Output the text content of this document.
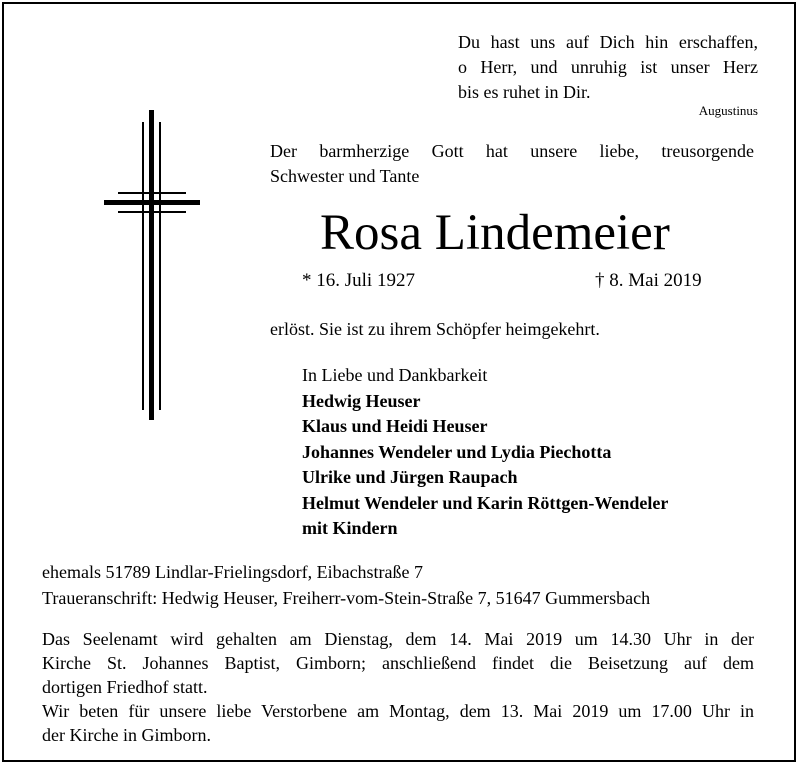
Du hast uns auf Dich hin erschaffen,
o Herr, und unruhig ist unser Herz
bis es ruhet in Dir.
Augustinus
Der barmherzige Gott hat unsere liebe, treusorgende
Schwester und Tante
Rosa Lindemeier
* 16. Juli 1927	† 8. Mai 2019
erlöst. Sie ist zu ihrem Schöpfer heimgekehrt.
In Liebe und Dankbarkeit
Hedwig Heuser
Klaus und Heidi Heuser
Johannes Wendeler und Lydia Piechotta
Ulrike und Jürgen Raupach
Helmut Wendeler und Karin Röttgen-Wendeler
mit Kindern
ehemals 51789 Lindlar-Frielingsdorf, Eibachstraße 7
Traueranschrift: Hedwig Heuser, Freiherr-vom-Stein-Straße 7, 51647 Gummersbach
Das Seelenamt wird gehalten am Dienstag, dem 14. Mai 2019 um 14.30 Uhr in der
Kirche St. Johannes Baptist, Gimborn; anschließend findet die Beisetzung auf dem
dortigen Friedhof statt.
Wir beten für unsere liebe Verstorbene am Montag, dem 13. Mai 2019 um 17.00 Uhr in
der Kirche in Gimborn.
